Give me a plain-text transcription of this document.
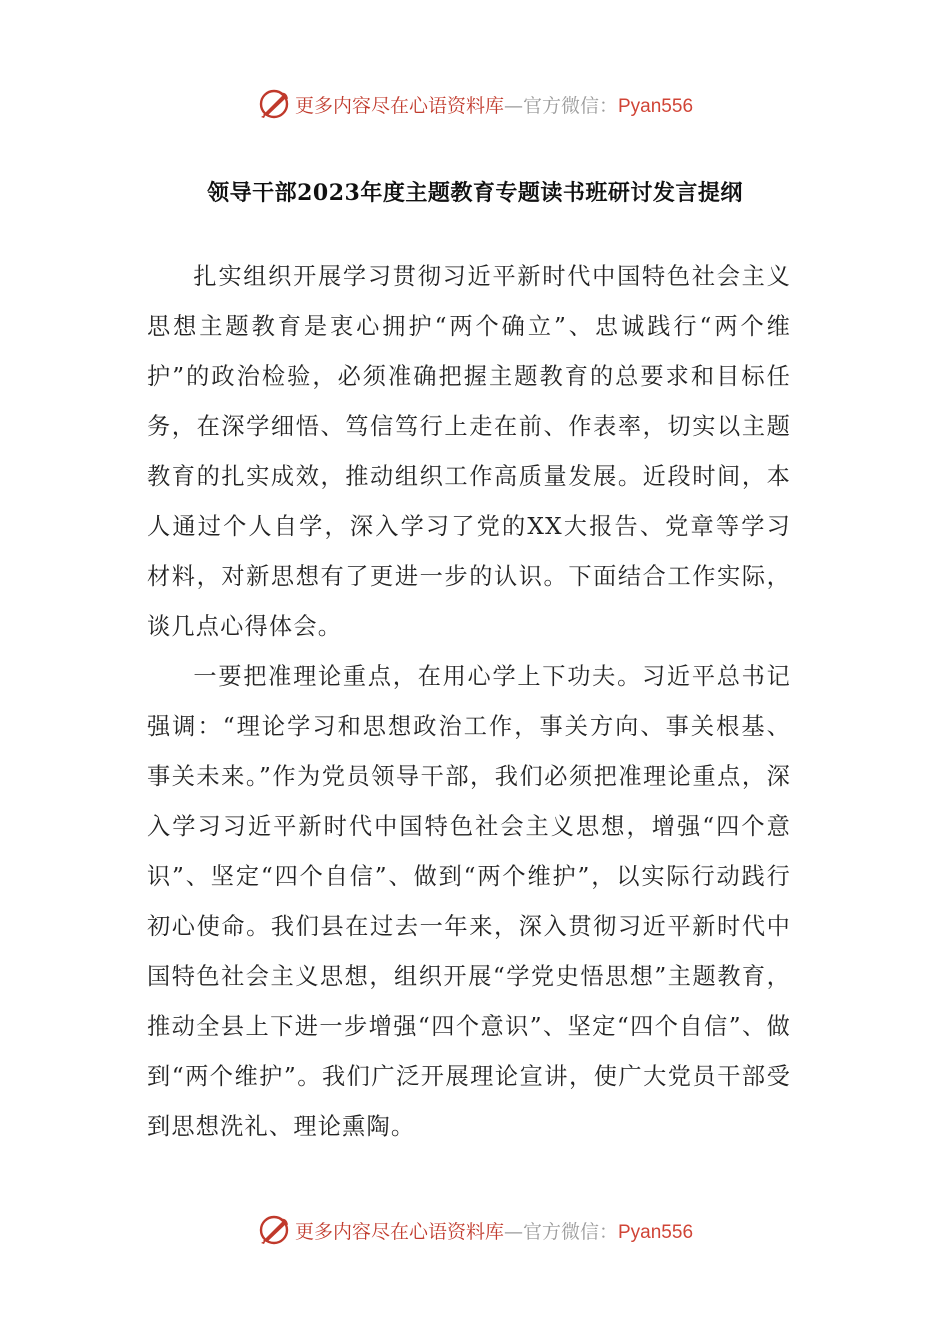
更多内容尽在心语资料库—官方微信：Pyan556
领导干部2023年度主题教育专题读书班研讨发言提纲

扎实组织开展学习贯彻习近平新时代中国特色社会主义思想主题教育是衷心拥护“两个确立”、忠诚践行“两个维护”的政治检验，必须准确把握主题教育的总要求和目标任务，在深学细悟、笃信笃行上走在前、作表率，切实以主题教育的扎实成效，推动组织工作高质量发展。近段时间，本人通过个人自学，深入学习了党的XX大报告、党章等学习材料，对新思想有了更进一步的认识。下面结合工作实际，谈几点心得体会。

一要把准理论重点，在用心学上下功夫。习近平总书记强调：“理论学习和思想政治工作，事关方向、事关根基、事关未来。”作为党员领导干部，我们必须把准理论重点，深入学习习近平新时代中国特色社会主义思想，增强“四个意识”、坚定“四个自信”、做到“两个维护”，以实际行动践行初心使命。我们县在过去一年来，深入贯彻习近平新时代中国特色社会主义思想，组织开展“学党史悟思想”主题教育，推动全县上下进一步增强“四个意识”、坚定“四个自信”、做到“两个维护”。我们广泛开展理论宣讲，使广大党员干部受到思想洗礼、理论熏陶。

更多内容尽在心语资料库—官方微信：Pyan556
